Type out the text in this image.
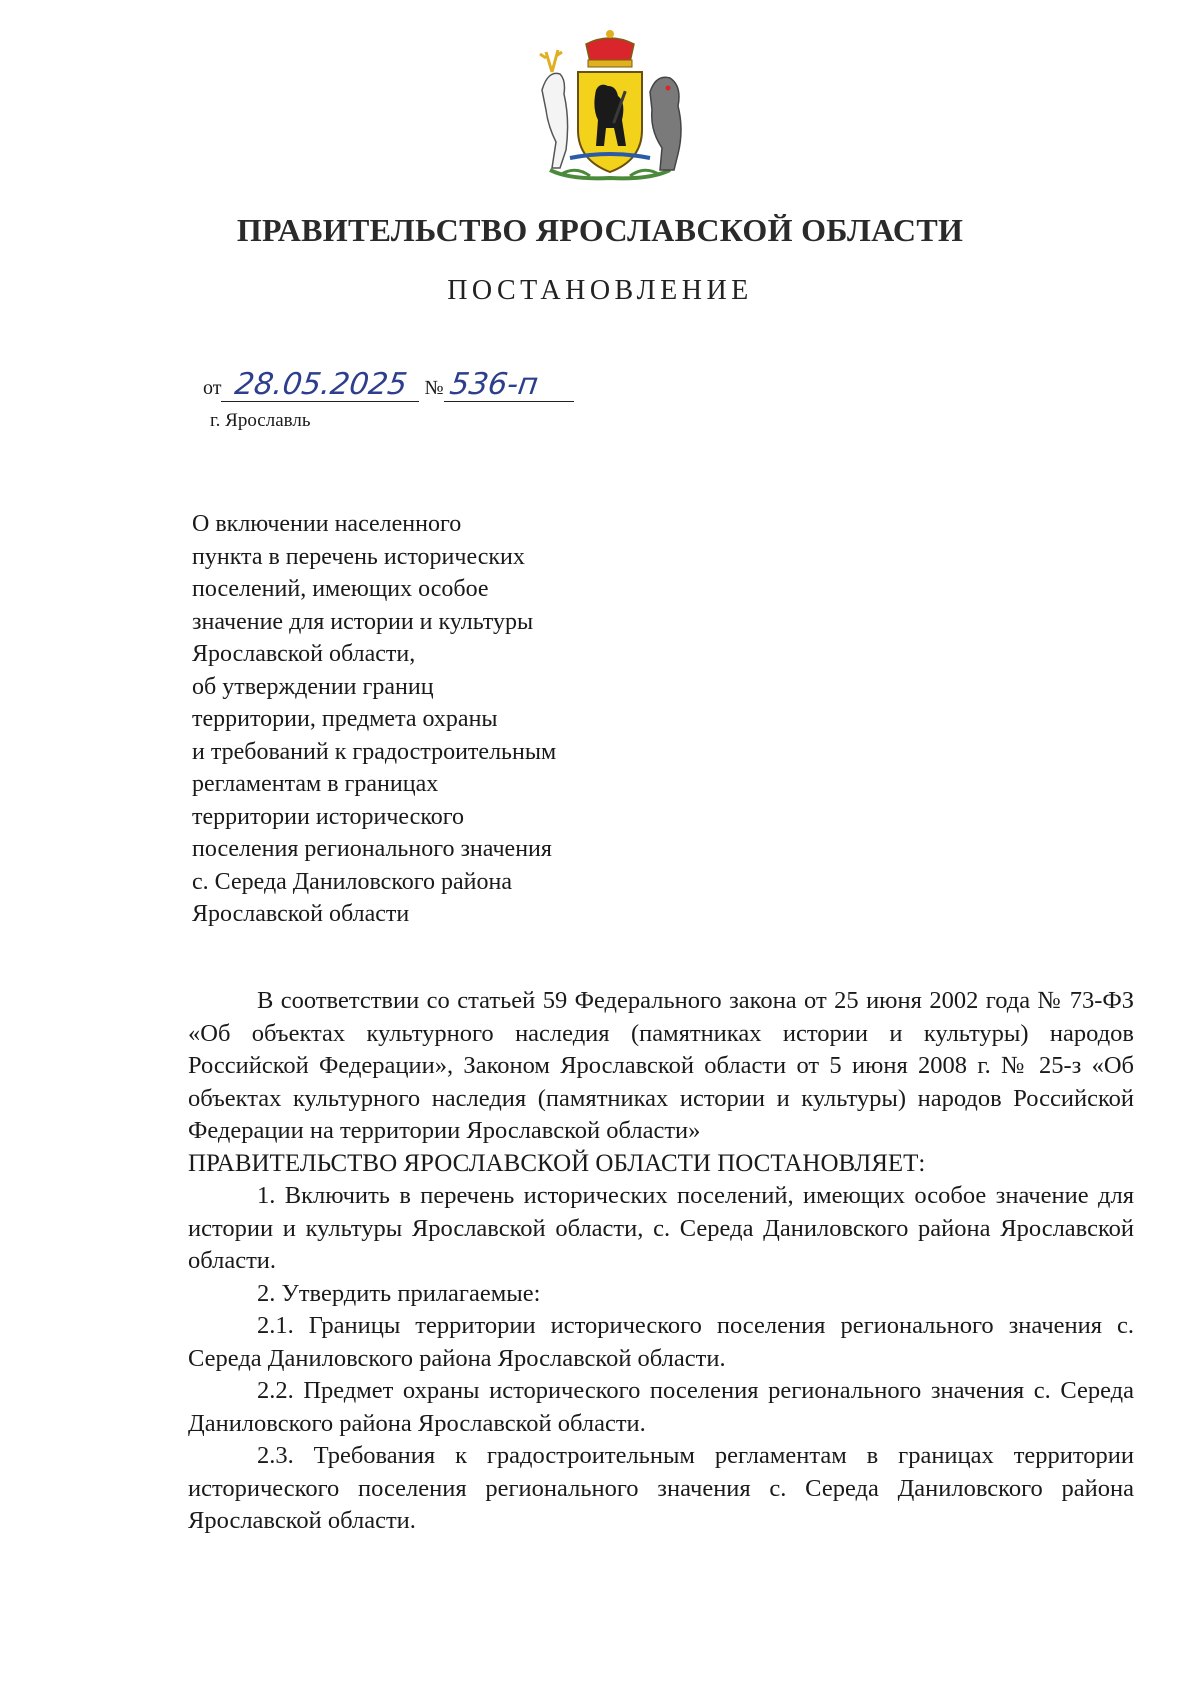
ПРАВИТЕЛЬСТВО ЯРОСЛАВСКОЙ ОБЛАСТИ
ПОСТАНОВЛЕНИЕ
от 28.05.2025 № 536-п
г. Ярославль
О включении населенного
пункта в перечень исторических
поселений, имеющих особое
значение для истории и культуры
Ярославской области,
об утверждении границ
территории, предмета охраны
и требований к градостроительным
регламентам в границах
территории исторического
поселения регионального значения
с. Середа Даниловского района
Ярославской области

В соответствии со статьей 59 Федерального закона от 25 июня 2002 года № 73-ФЗ «Об объектах культурного наследия (памятниках истории и культуры) народов Российской Федерации», Законом Ярославской области от 5 июня 2008 г. № 25-з «Об объектах культурного наследия (памятниках истории и культуры) народов Российской Федерации на территории Ярославской области»

ПРАВИТЕЛЬСТВО ЯРОСЛАВСКОЙ ОБЛАСТИ ПОСТАНОВЛЯЕТ:

1. Включить в перечень исторических поселений, имеющих особое значение для истории и культуры Ярославской области, с. Середа Даниловского района Ярославской области.

2. Утвердить прилагаемые:

2.1. Границы территории исторического поселения регионального значения с. Середа Даниловского района Ярославской области.

2.2. Предмет охраны исторического поселения регионального значения с. Середа Даниловского района Ярославской области.

2.3. Требования к градостроительным регламентам в границах территории исторического поселения регионального значения с. Середа Даниловского района Ярославской области.
